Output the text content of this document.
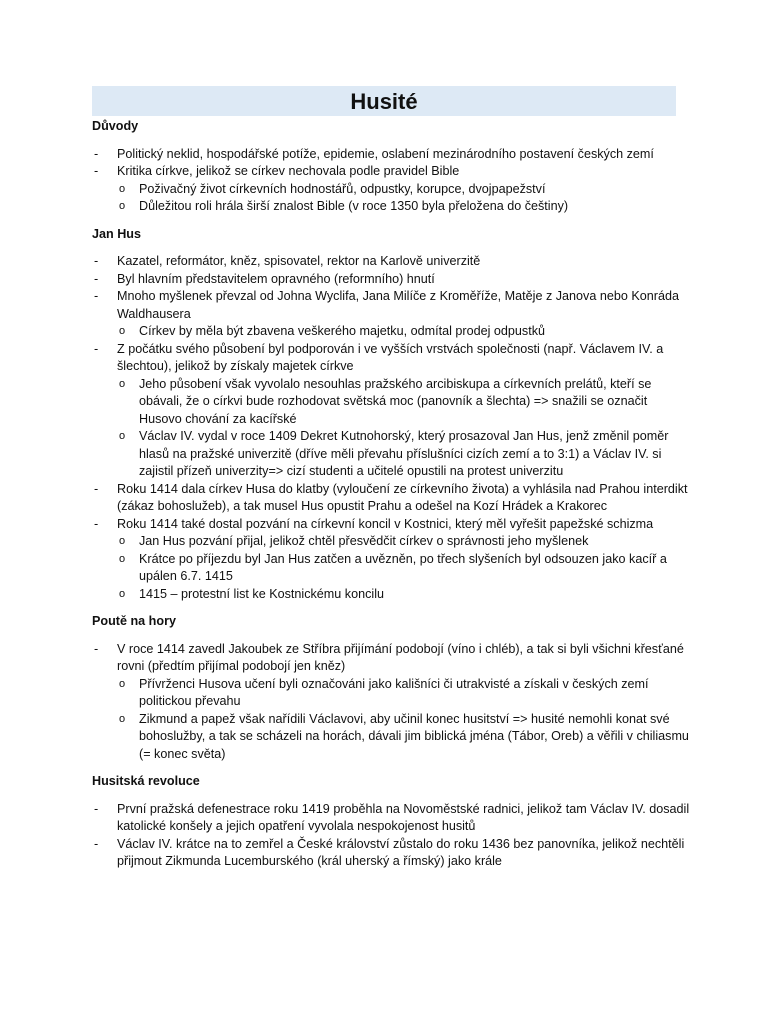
Husité
Důvody
- Politický neklid, hospodářské potíže, epidemie, oslabení mezinárodního postavení českých zemí
- Kritika církve, jelikož se církev nechovala podle pravidel Bible
o Poživačný život církevních hodnostářů, odpustky, korupce, dvojpapežství
o Důležitou roli hrála širší znalost Bible (v roce 1350 byla přeložena do češtiny)
Jan Hus
- Kazatel, reformátor, kněz, spisovatel, rektor na Karlově univerzitě
- Byl hlavním představitelem opravného (reformního) hnutí
- Mnoho myšlenek převzal od Johna Wyclifa, Jana Milíče z Kroměříže, Matěje z Janova nebo Konráda Waldhausera
o Církev by měla být zbavena veškerého majetku, odmítal prodej odpustků
- Z počátku svého působení byl podporován i ve vyšších vrstvách společnosti (např. Václavem IV. a šlechtou), jelikož by získaly majetek církve
o Jeho působení však vyvolalo nesouhlas pražského arcibiskupa a církevních prelátů, kteří se obávali, že o církvi bude rozhodovat světská moc (panovník a šlechta) => snažili se označit Husovo chování za kacířské
o Václav IV. vydal v roce 1409 Dekret Kutnohorský, který prosazoval Jan Hus, jenž změnil poměr hlasů na pražské univerzitě (dříve měli převahu příslušníci cizích zemí a to 3:1) a Václav IV. si zajistil přízeň univerzity=> cizí studenti a učitelé opustili na protest univerzitu
- Roku 1414 dala církev Husa do klatby (vyloučení ze církevního života) a vyhlásila nad Prahou interdikt (zákaz bohoslužeb), a tak musel Hus opustit Prahu a odešel na Kozí Hrádek a Krakorec
- Roku 1414 také dostal pozvání na církevní koncil v Kostnici, který měl vyřešit papežské schizma
o Jan Hus pozvání přijal, jelikož chtěl přesvědčit církev o správnosti jeho myšlenek
o Krátce po příjezdu byl Jan Hus zatčen a uvězněn, po třech slyšeních byl odsouzen jako kacíř a upálen 6.7. 1415
o 1415 – protestní list ke Kostnickému koncilu
Poutě na hory
- V roce 1414 zavedl Jakoubek ze Stříbra přijímání podobojí (víno i chléb), a tak si byli všichni křesťané rovni (předtím přijímal podobojí jen kněz)
o Přívrženci Husova učení byli označováni jako kališníci či utrakvisté a získali v českých zemí politickou převahu
o Zikmund a papež však nařídili Václavovi, aby učinil konec husitství => husité nemohli konat své bohoslužby, a tak se scházeli na horách, dávali jim biblická jména (Tábor, Oreb) a věřili v chiliasmu (= konec světa)
Husitská revoluce
- První pražská defenestrace roku 1419 proběhla na Novoměstské radnici, jelikož tam Václav IV. dosadil katolické konšely a jejich opatření vyvolala nespokojenost husitů
- Václav IV. krátce na to zemřel a České království zůstalo do roku 1436 bez panovníka, jelikož nechtěli přijmout Zikmunda Lucemburského (král uherský a římský) jako krále
